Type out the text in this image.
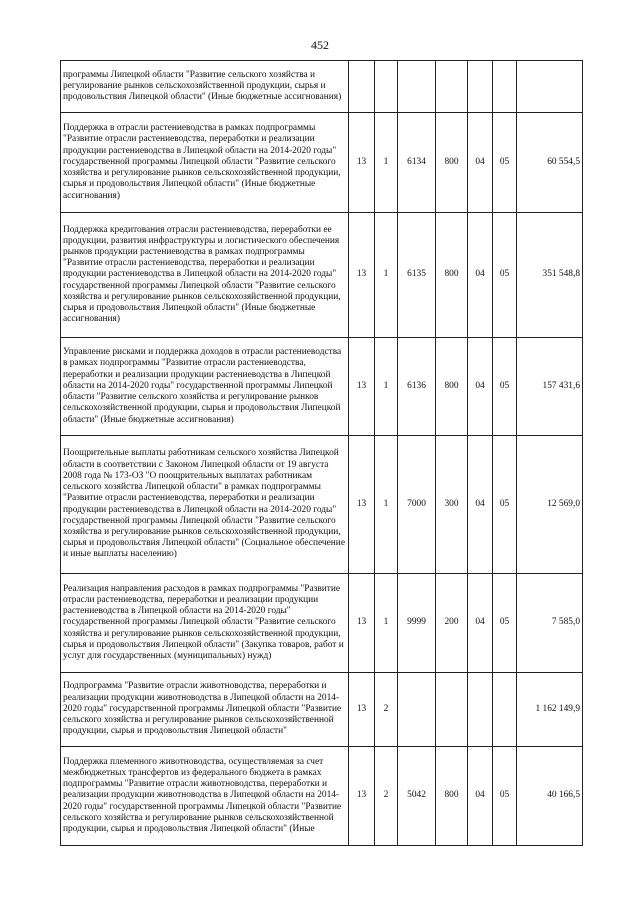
452
программы Липецкой области "Развитие сельского хозяйства и регулирование рынков сельскохозяйственной продукции, сырья и продовольствия Липецкой области" (Иные бюджетные ассигнования)							
Поддержка в отрасли растениеводства в рамках подпрограммы "Развитие отрасли растениеводства, переработки и реализации продукции растениеводства в Липецкой области на 2014-2020 годы" государственной программы Липецкой области "Развитие сельского хозяйства и регулирование рынков сельскохозяйственной продукции, сырья и продовольствия Липецкой области" (Иные бюджетные ассигнования)	13	1	6134	800	04	05	60 554,5
Поддержка кредитования отрасли растениеводства, переработки ее продукции, развития инфраструктуры и логистического обеспечения рынков продукции растениеводства в рамках подпрограммы "Развитие отрасли растениеводства, переработки и реализации продукции растениеводства в Липецкой области на 2014-2020 годы" государственной программы Липецкой области "Развитие сельского хозяйства и регулирование рынков сельскохозяйственной продукции, сырья и продовольствия Липецкой области" (Иные бюджетные ассигнования)	13	1	6135	800	04	05	351 548,8
Управление рисками и поддержка доходов в отрасли растениеводства в рамках подпрограммы "Развитие отрасли растениеводства, переработки и реализации продукции растениеводства в Липецкой области на 2014-2020 годы" государственной программы Липецкой области "Развитие сельского хозяйства и регулирование рынков сельскохозяйственной продукции, сырья и продовольствия Липецкой области" (Иные бюджетные ассигнования)	13	1	6136	800	04	05	157 431,6
Поощрительные выплаты работникам сельского хозяйства Липецкой области в соответствии с Законом Липецкой области от 19 августа 2008 года № 173-ОЗ "О поощрительных выплатах работникам сельского хозяйства Липецкой области" в рамках подпрограммы "Развитие отрасли растениеводства, переработки и реализации продукции растениеводства в Липецкой области на 2014-2020 годы" государственной программы Липецкой области "Развитие сельского хозяйства и регулирование рынков сельскохозяйственной продукции, сырья и продовольствия Липецкой области" (Социальное обеспечение и иные выплаты населению)	13	1	7000	300	04	05	12 569,0
Реализация направления расходов в рамках подпрограммы "Развитие отрасли растениеводства, переработки и реализации продукции растениеводства в Липецкой области на 2014-2020 годы" государственной программы Липецкой области "Развитие сельского хозяйства и регулирование рынков сельскохозяйственной продукции, сырья и продовольствия Липецкой области" (Закупка товаров, работ и услуг для государственных (муниципальных) нужд)	13	1	9999	200	04	05	7 585,0
Подпрограмма "Развитие отрасли животноводства, переработки и реализации продукции животноводства в Липецкой области на 2014-2020 годы" государственной программы Липецкой области "Развитие сельского хозяйства и регулирование рынков сельскохозяйственной продукции, сырья и продовольствия Липецкой области"	13	2					1 162 149,9
Поддержка племенного животноводства, осуществляемая за счет межбюджетных трансфертов из федерального бюджета в рамках подпрограммы "Развитие отрасли животноводства, переработки и реализации продукции животноводства в Липецкой области на 2014-2020 годы" государственной программы Липецкой области "Развитие сельского хозяйства и регулирование рынков сельскохозяйственной продукции, сырья и продовольствия Липецкой области" (Иные	13	2	5042	800	04	05	40 166,5
